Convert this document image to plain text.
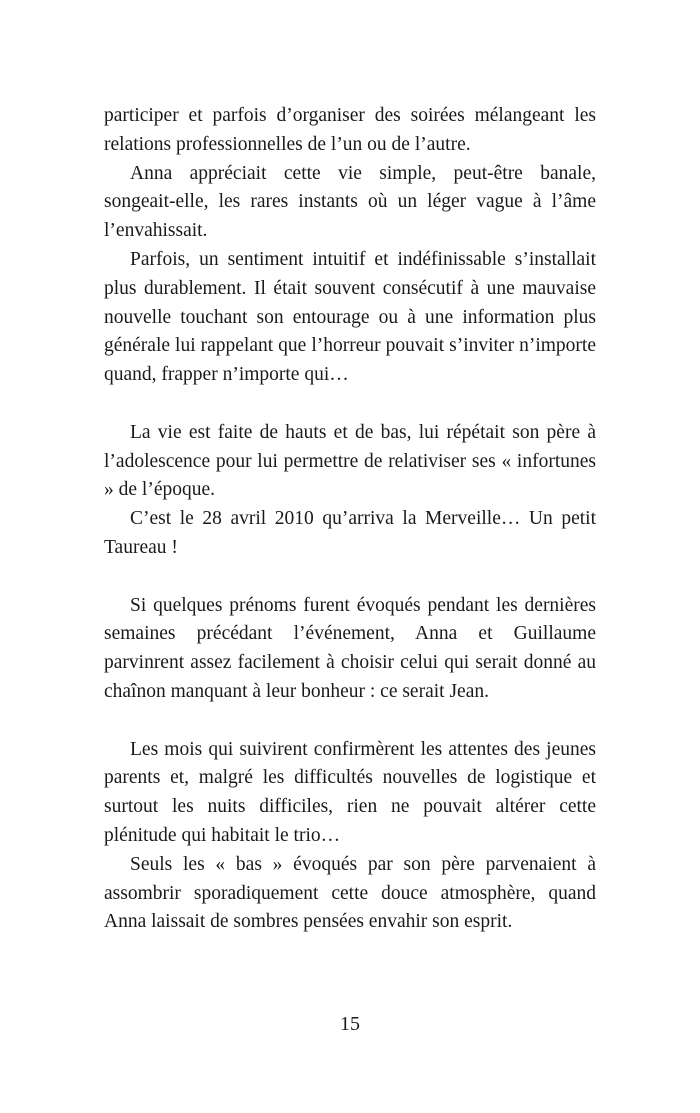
participer et parfois d’organiser des soirées mélangeant les relations professionnelles de l’un ou de l’autre.

Anna appréciait cette vie simple, peut-être banale, songeait-elle, les rares instants où un léger vague à l’âme l’envahissait.

Parfois, un sentiment intuitif et indéfinissable s’installait plus durablement. Il était souvent consécutif à une mauvaise nouvelle touchant son entourage ou à une information plus générale lui rappelant que l’horreur pouvait s’inviter n’importe quand, frapper n’importe qui…

La vie est faite de hauts et de bas, lui répétait son père à l’adolescence pour lui permettre de relativiser ses « infortunes » de l’époque.

C’est le 28 avril 2010 qu’arriva la Merveille… Un petit Taureau !

Si quelques prénoms furent évoqués pendant les dernières semaines précédant l’événement, Anna et Guillaume parvinrent assez facilement à choisir celui qui serait donné au chaînon manquant à leur bonheur : ce serait Jean.

Les mois qui suivirent confirmèrent les attentes des jeunes parents et, malgré les difficultés nouvelles de logistique et surtout les nuits difficiles, rien ne pouvait altérer cette plénitude qui habitait le trio…

Seuls les « bas » évoqués par son père parvenaient à assombrir sporadiquement cette douce atmosphère, quand Anna laissait de sombres pensées envahir son esprit.

15
